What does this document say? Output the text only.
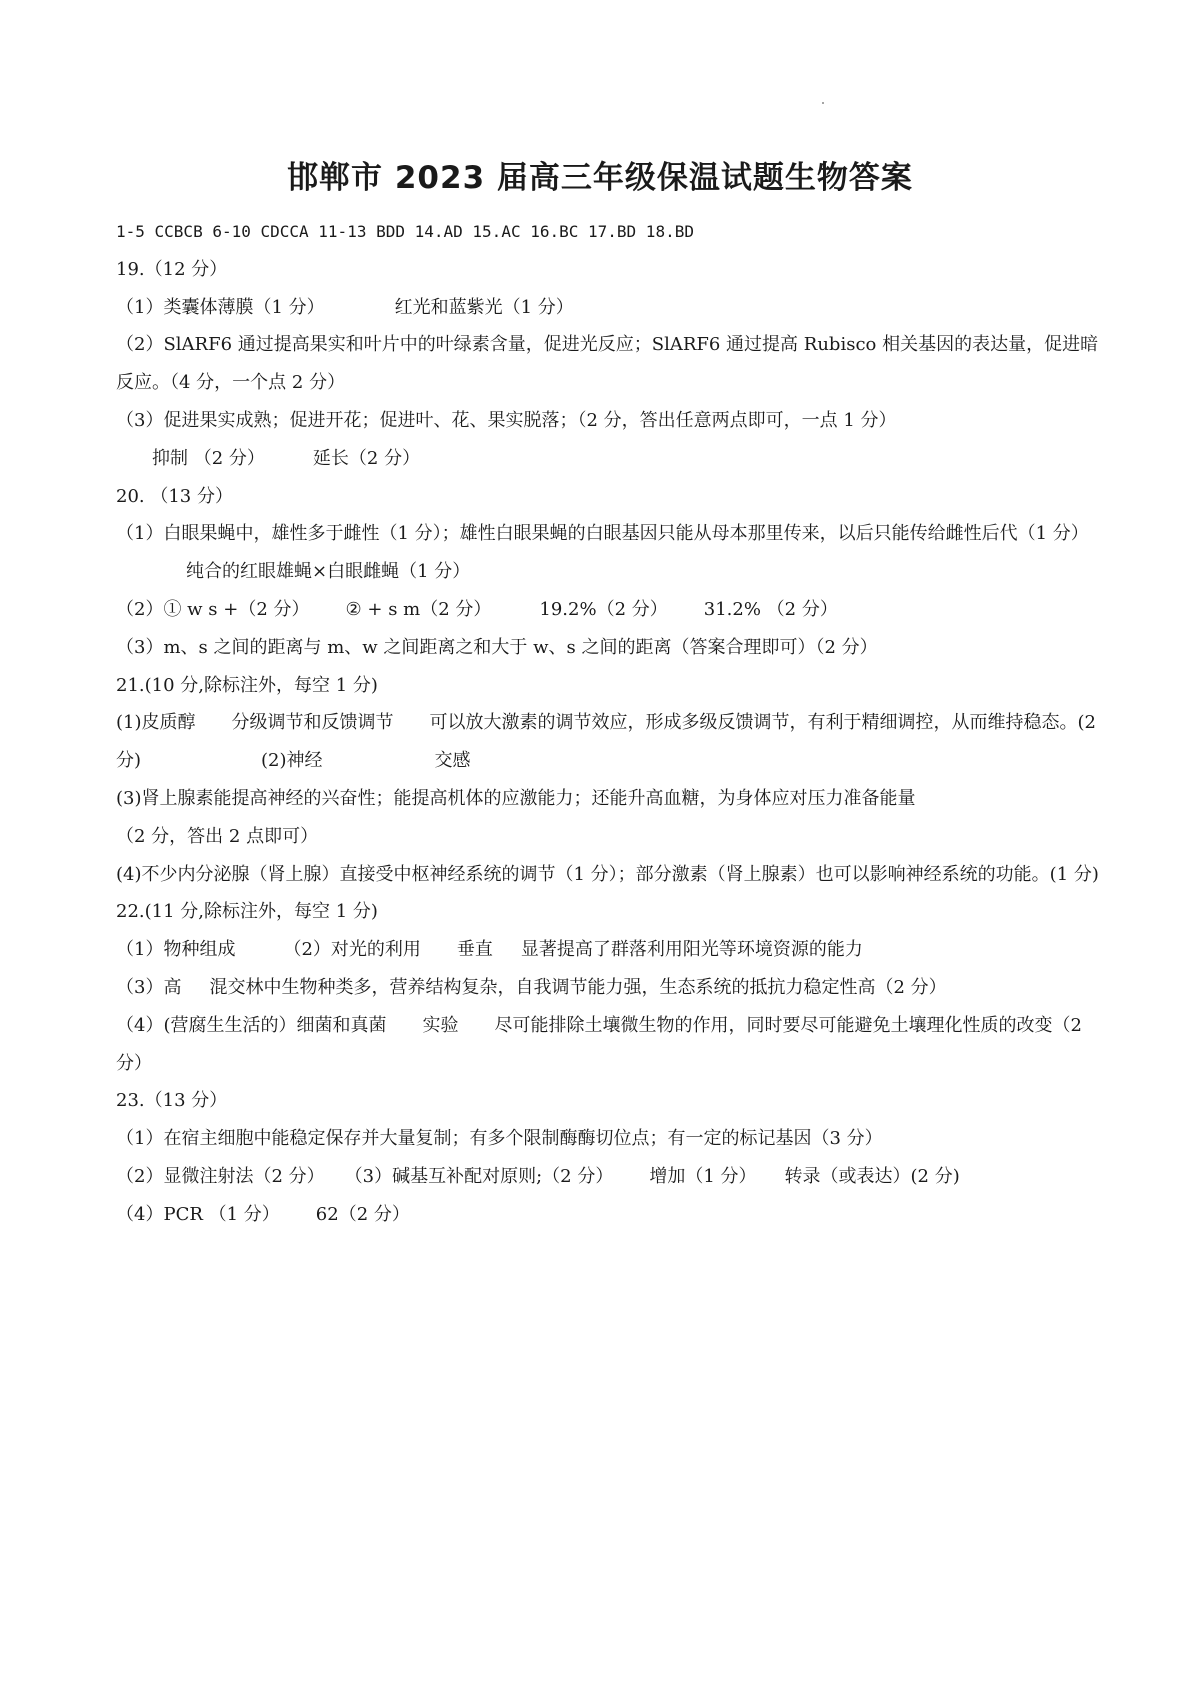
邯郸市 2023 届高三年级保温试题生物答案
1-5 CCBCB 6-10 CDCCA 11-13 BDD 14.AD 15.AC 16.BC 17.BD 18.BD
19.（12 分）
（1）类囊体薄膜（1 分）	红光和蓝紫光（1 分）
（2）SlARF6 通过提高果实和叶片中的叶绿素含量，促进光反应；SlARF6 通过提高 Rubisco 相关基因的表达量，促进暗反应。（4 分，一个点 2 分）
（3）促进果实成熟；促进开花；促进叶、花、果实脱落；（2 分，答出任意两点即可，一点 1 分）
抑制 （2 分）	延长（2 分）
20. （13 分）
（1）白眼果蝇中，雄性多于雌性（1 分）；雄性白眼果蝇的白眼基因只能从母本那里传来，以后只能传给雌性后代（1 分）纯合的红眼雄蝇×白眼雌蝇（1 分）
（2）① w s +（2 分） ② + s m（2 分）	19.2%（2 分） 31.2% （2 分）
（3）m、s 之间的距离与 m、w 之间距离之和大于 w、s 之间的距离（答案合理即可）（2 分）
21.(10 分,除标注外，每空 1 分)
(1)皮质醇 分级调节和反馈调节 可以放大激素的调节效应，形成多级反馈调节，有利于精细调控，从而维持稳态。(2 分)	(2)神经	交感
(3)肾上腺素能提高神经的兴奋性；能提高机体的应激能力；还能升高血糖，为身体应对压力准备能量
（2 分，答出 2 点即可）
(4)不少内分泌腺（肾上腺）直接受中枢神经系统的调节（1 分）；部分激素（肾上腺素）也可以影响神经系统的功能。(1 分)
22.(11 分,除标注外，每空 1 分)
（1）物种组成	（2）对光的利用 垂直 显著提高了群落利用阳光等环境资源的能力
（3）高 混交林中生物种类多，营养结构复杂，自我调节能力强，生态系统的抵抗力稳定性高（2 分）
（4）(营腐生生活的）细菌和真菌 实验 尽可能排除土壤微生物的作用，同时要尽可能避免土壤理化性质的改变（2 分）
23.（13 分）
（1）在宿主细胞中能稳定保存并大量复制；有多个限制酶酶切位点；有一定的标记基因（3 分）
（2）显微注射法（2 分） （3）碱基互补配对原则;（2 分） 增加（1 分） 转录（或表达）(2 分)
（4）PCR （1 分） 62（2 分）
